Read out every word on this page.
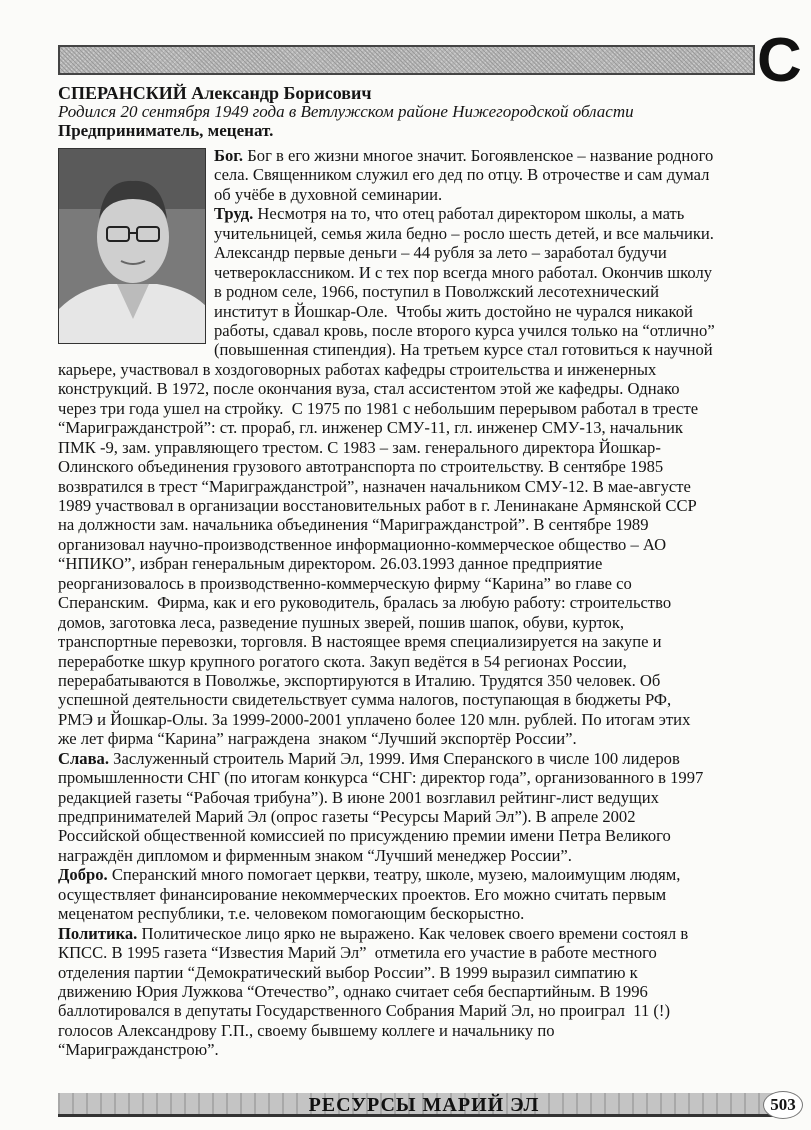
С
СПЕРАНСКИЙ Александр Борисович
Родился 20 сентября 1949 года в Ветлужском районе Нижегородской области
Предприниматель, меценат.
Бог. Бог в его жизни многое значит. Богоявленское – название родного
села. Священником служил его дед по отцу. В отрочестве и сам думал
об учёбе в духовной семинарии.
Труд. Несмотря на то, что отец работал директором школы, а мать
учительницей, семья жила бедно – росло шесть детей, и все мальчики.
Александр первые деньги – 44 рубля за лето – заработал будучи
четвероклассником. И с тех пор всегда много работал. Окончив школу
в родном селе, 1966, поступил в Поволжский лесотехнический
институт в Йошкар-Оле.  Чтобы жить достойно не чурался никакой
работы, сдавал кровь, после второго курса учился только на “отлично”
(повышенная стипендия). На третьем курсе стал готовиться к научной
карьере, участвовал в хоздоговорных работах кафедры строительства и инженерных
конструкций. В 1972, после окончания вуза, стал ассистентом этой же кафедры. Однако
через три года ушел на стройку.  С 1975 по 1981 с небольшим перерывом работал в тресте
“Маригражданстрой”: ст. прораб, гл. инженер СМУ-11, гл. инженер СМУ-13, начальник
ПМК -9, зам. управляющего трестом. С 1983 – зам. генерального директора Йошкар-
Олинского объединения грузового автотранспорта по строительству. В сентябре 1985
возвратился в трест “Маригражданстрой”, назначен начальником СМУ-12. В мае-августе
1989 участвовал в организации восстановительных работ в г. Ленинакане Армянской ССР
на должности зам. начальника объединения “Маригражданстрой”. В сентябре 1989
организовал научно-производственное информационно-коммерческое общество – АО
“НПИКО”, избран генеральным директором. 26.03.1993 данное предприятие
реорганизовалось в производственно-коммерческую фирму “Карина” во главе со
Сперанским.  Фирма, как и его руководитель, бралась за любую работу: строительство
домов, заготовка леса, разведение пушных зверей, пошив шапок, обуви, курток,
транспортные перевозки, торговля. В настоящее время специализируется на закупе и
переработке шкур крупного рогатого скота. Закуп ведётся в 54 регионах России,
перерабатываются в Поволжье, экспортируются в Италию. Трудятся 350 человек. Об
успешной деятельности свидетельствует сумма налогов, поступающая в бюджеты РФ,
РМЭ и Йошкар-Олы. За 1999-2000-2001 уплачено более 120 млн. рублей. По итогам этих
же лет фирма “Карина” награждена  знаком “Лучший экспортёр России”.
Слава. Заслуженный строитель Марий Эл, 1999. Имя Сперанского в числе 100 лидеров
промышленности СНГ (по итогам конкурса “СНГ: директор года”, организованного в 1997
редакцией газеты “Рабочая трибуна”). В июне 2001 возглавил рейтинг-лист ведущих
предпринимателей Марий Эл (опрос газеты “Ресурсы Марий Эл”). В апреле 2002
Российской общественной комиссией по присуждению премии имени Петра Великого
награждён дипломом и фирменным знаком “Лучший менеджер России”.
Добро. Сперанский много помогает церкви, театру, школе, музею, малоимущим людям,
осуществляет финансирование некоммерческих проектов. Его можно считать первым
меценатом республики, т.е. человеком помогающим бескорыстно.
Политика. Политическое лицо ярко не выражено. Как человек своего времени состоял в
КПСС. В 1995 газета “Известия Марий Эл”  отметила его участие в работе местного
отделения партии “Демократический выбор России”. В 1999 выразил симпатию к
движению Юрия Лужкова “Отечество”, однако считает себя беспартийным. В 1996
баллотировался в депутаты Государственного Собрания Марий Эл, но проиграл  11 (!)
голосов Александрову Г.П., своему бывшему коллеге и начальнику по
“Маригражданстрою”.
РЕСУРСЫ МАРИЙ ЭЛ	503
